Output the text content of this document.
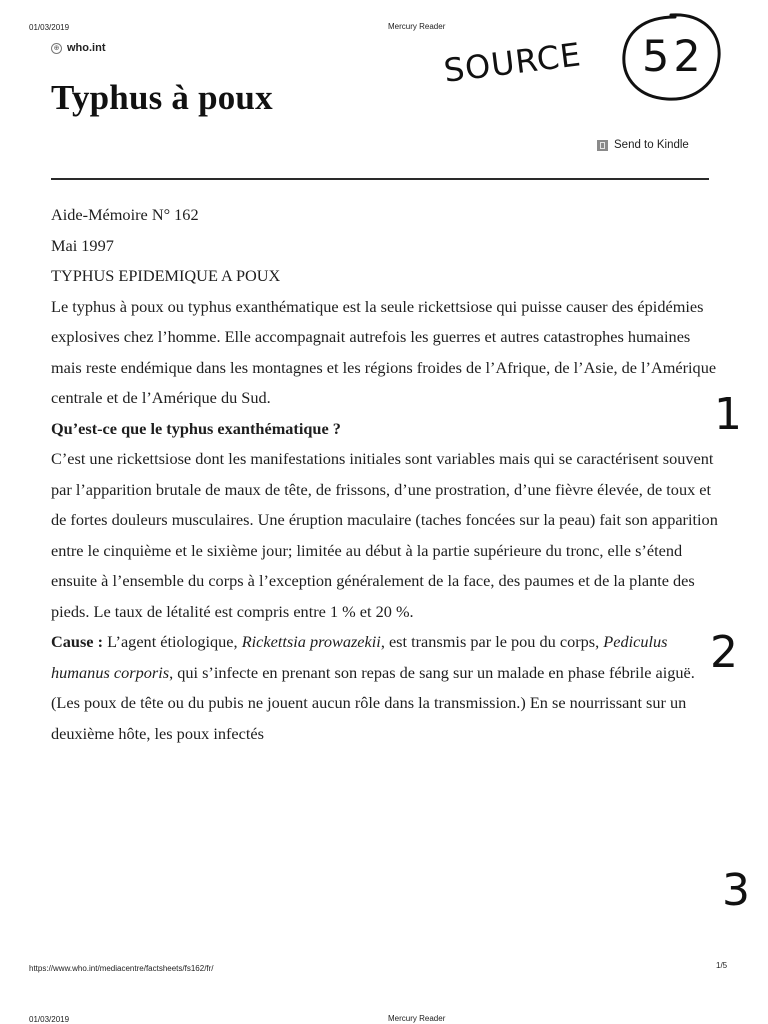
01/03/2019	Mercury Reader
⊕ who.int
Typhus à poux
SOURCE 52
Send to Kindle

Aide-Mémoire N° 162

Mai 1997

TYPHUS EPIDEMIQUE A POUX

Le typhus à poux ou typhus exanthématique est la seule rickettsiose qui puisse causer des épidémies explosives chez l’homme. Elle accompagnait autrefois les guerres et autres catastrophes humaines mais reste endémique dans les montagnes et les régions froides de l’Afrique, de l’Asie, de l’Amérique centrale et de l’Amérique du Sud.

Qu’est-ce que le typhus exanthématique ?

C’est une rickettsiose dont les manifestations initiales sont variables mais qui se caractérisent souvent par l’apparition brutale de maux de tête, de frissons, d’une prostration, d’une fièvre élevée, de toux et de fortes douleurs musculaires. Une éruption maculaire (taches foncées sur la peau) fait son apparition entre le cinquième et le sixième jour; limitée au début à la partie supérieure du tronc, elle s’étend ensuite à l’ensemble du corps à l’exception généralement de la face, des paumes et de la plante des pieds. Le taux de létalité est compris entre 1 % et 20 %.

Cause : L’agent étiologique, Rickettsia prowazekii, est transmis par le pou du corps, Pediculus humanus corporis, qui s’infecte en prenant son repas de sang sur un malade en phase fébrile aiguë. (Les poux de tête ou du pubis ne jouent aucun rôle dans la transmission.) En se nourrissant sur un deuxième hôte, les poux infectés

1
2
3
https://www.who.int/mediacentre/factsheets/fs162/fr/	1/5
01/03/2019	Mercury Reader
